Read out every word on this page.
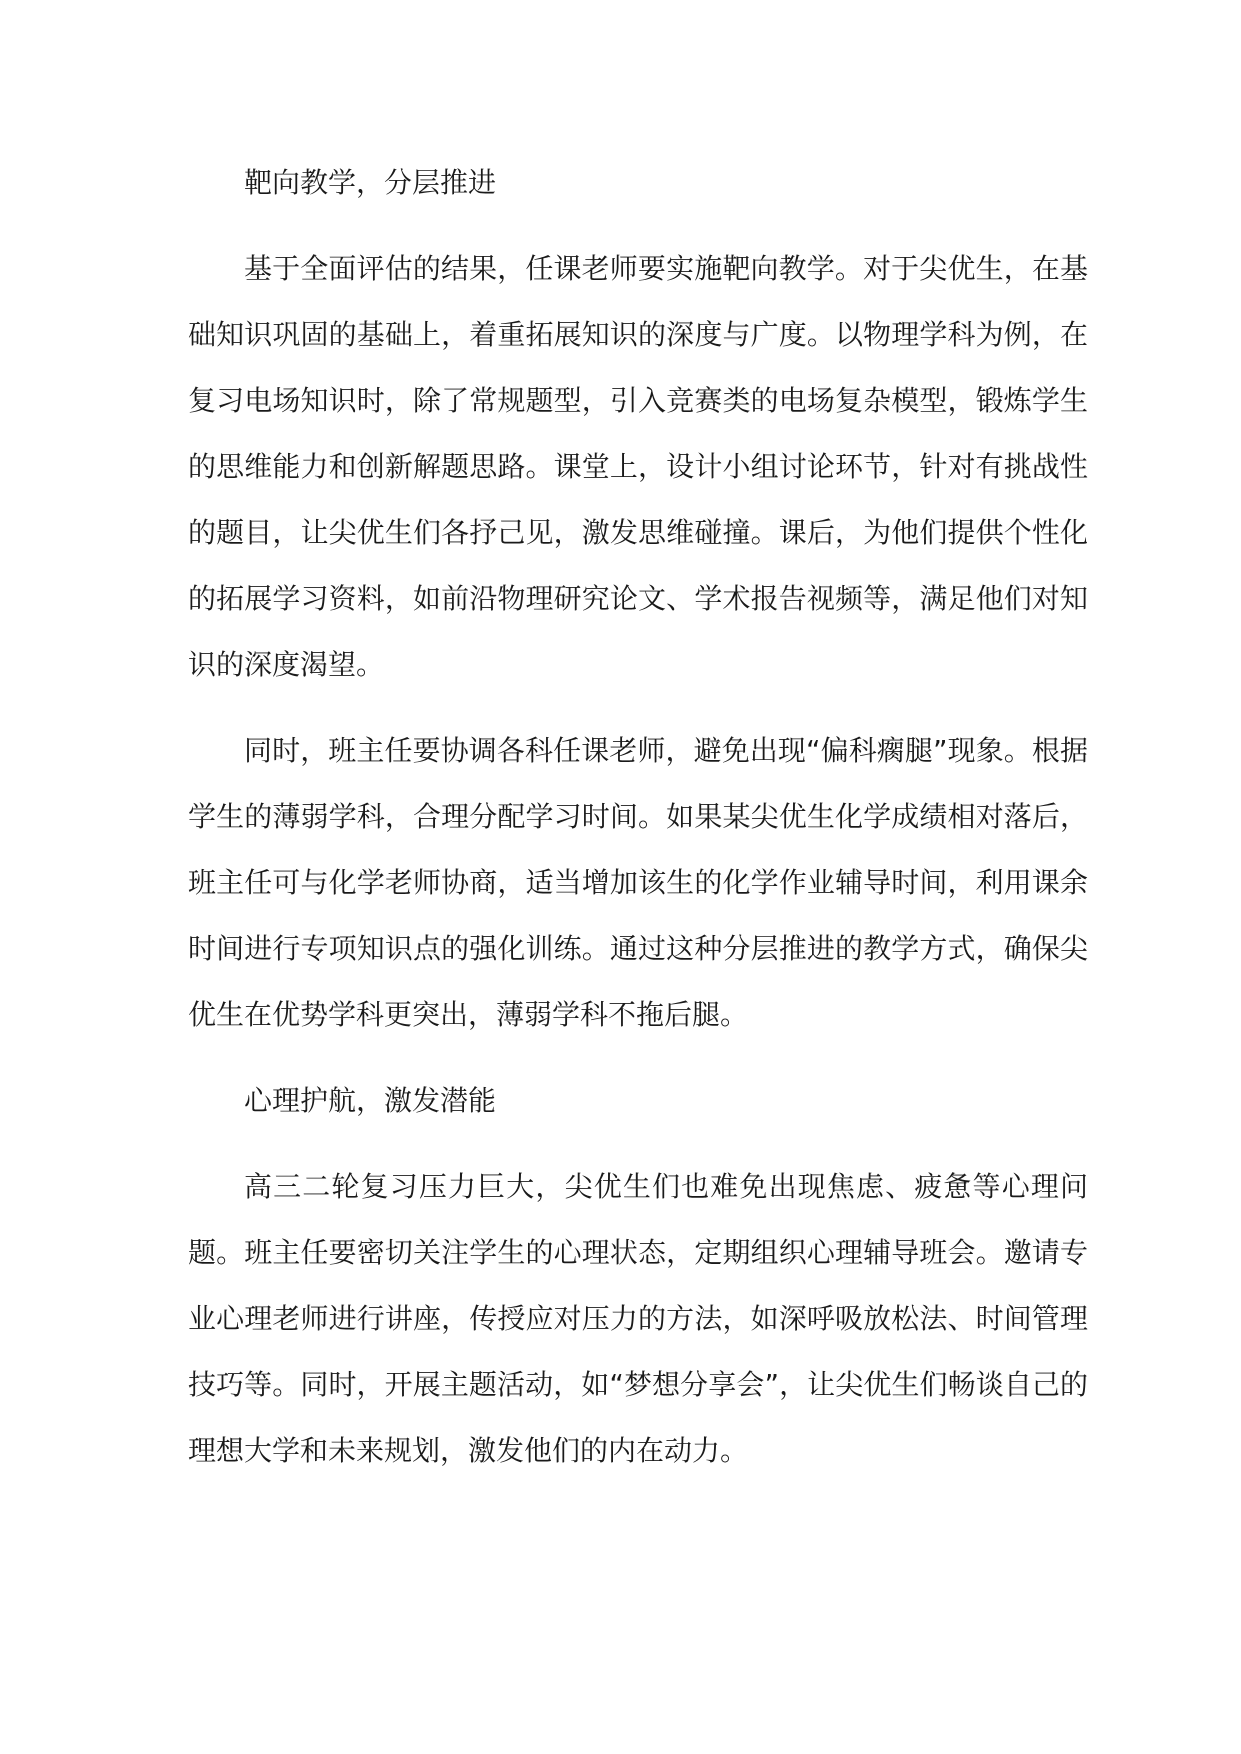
靶向教学，分层推进

基于全面评估的结果，任课老师要实施靶向教学。对于尖优生，在基础知识巩固的基础上，着重拓展知识的深度与广度。以物理学科为例，在复习电场知识时，除了常规题型，引入竞赛类的电场复杂模型，锻炼学生的思维能力和创新解题思路。课堂上，设计小组讨论环节，针对有挑战性的题目，让尖优生们各抒己见，激发思维碰撞。课后，为他们提供个性化的拓展学习资料，如前沿物理研究论文、学术报告视频等，满足他们对知识的深度渴望。

同时，班主任要协调各科任课老师，避免出现“偏科瘸腿”现象。根据学生的薄弱学科，合理分配学习时间。如果某尖优生化学成绩相对落后，班主任可与化学老师协商，适当增加该生的化学作业辅导时间，利用课余时间进行专项知识点的强化训练。通过这种分层推进的教学方式，确保尖优生在优势学科更突出，薄弱学科不拖后腿。

心理护航，激发潜能

高三二轮复习压力巨大，尖优生们也难免出现焦虑、疲惫等心理问题。班主任要密切关注学生的心理状态，定期组织心理辅导班会。邀请专业心理老师进行讲座，传授应对压力的方法，如深呼吸放松法、时间管理技巧等。同时，开展主题活动，如“梦想分享会”，让尖优生们畅谈自己的理想大学和未来规划，激发他们的内在动力。
